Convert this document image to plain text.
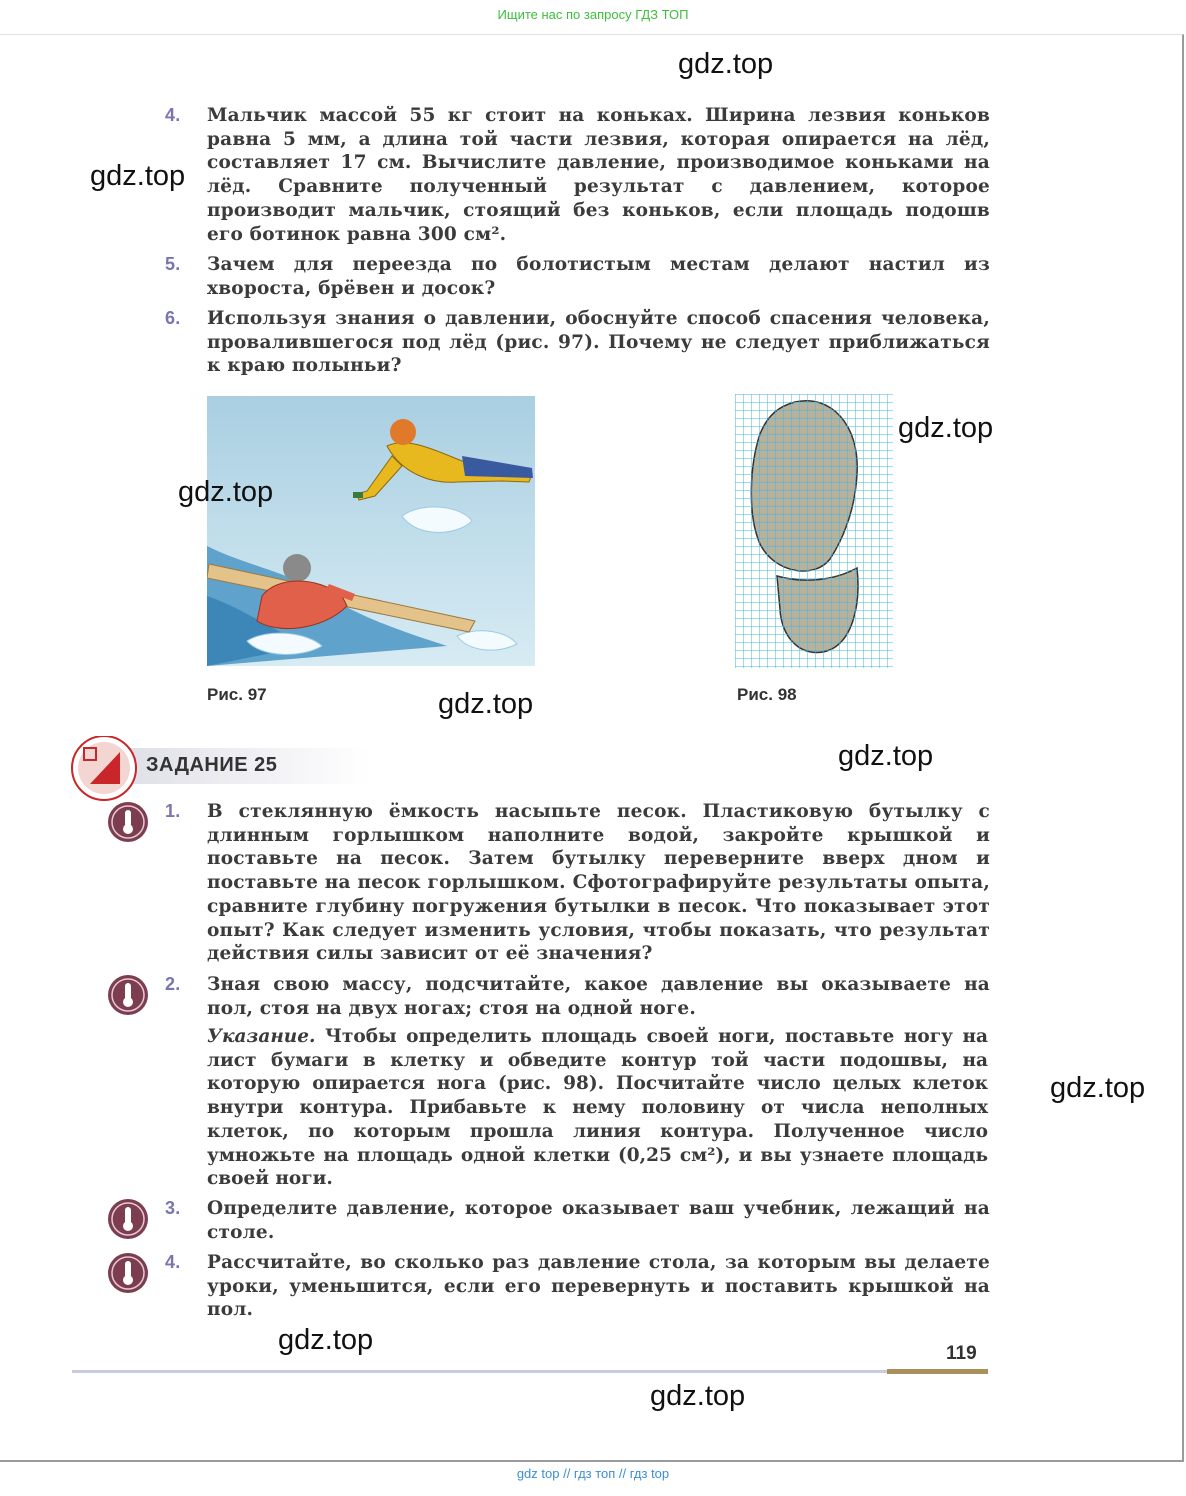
Ищите нас по запросу ГДЗ ТОП
4. Мальчик массой 55 кг стоит на коньках. Ширина лезвия коньков равна 5 мм, а длина той части лезвия, которая опирается на лёд, составляет 17 см. Вычислите давление, производимое коньками на лёд. Сравните полученный результат с давлением, которое производит мальчик, стоящий без коньков, если площадь подошв его ботинок равна 300 см².
5. Зачем для переезда по болотистым местам делают настил из хвороста, брёвен и досок?
6. Используя знания о давлении, обоснуйте способ спасения человека, провалившегося под лёд (рис. 97). Почему не следует приближаться к краю полыньи?
Рис. 97	Рис. 98
ЗАДАНИЕ 25
1. В стеклянную ёмкость насыпьте песок. Пластиковую бутылку с длинным горлышком наполните водой, закройте крышкой и поставьте на песок. Затем бутылку переверните вверх дном и поставьте на песок горлышком. Сфотографируйте результаты опыта, сравните глубину погружения бутылки в песок. Что показывает этот опыт? Как следует изменить условия, чтобы показать, что результат действия силы зависит от её значения?
2. Зная свою массу, подсчитайте, какое давление вы оказываете на пол, стоя на двух ногах; стоя на одной ноге.
Указание. Чтобы определить площадь своей ноги, поставьте ногу на лист бумаги в клетку и обведите контур той части подошвы, на которую опирается нога (рис. 98). Посчитайте число целых клеток внутри контура. Прибавьте к нему половину от числа неполных клеток, по которым прошла линия контура. Полученное число умножьте на площадь одной клетки (0,25 см²), и вы узнаете площадь своей ноги.
3. Определите давление, которое оказывает ваш учебник, лежащий на столе.
4. Рассчитайте, во сколько раз давление стола, за которым вы делаете уроки, уменьшится, если его перевернуть и поставить крышкой на пол.
119
gdz.top
gdz.top
gdz.top
gdz.top
gdz.top
gdz.top
gdz.top
gdz.top
gdz.top
gdz top // гдз топ // гдз top
